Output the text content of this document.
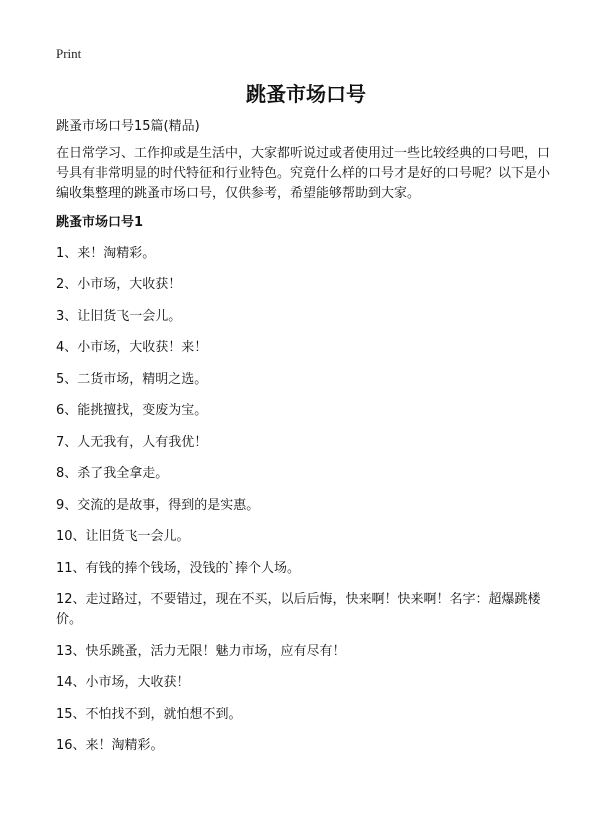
Print
跳蚤市场口号
跳蚤市场口号15篇(精品)
在日常学习、工作抑或是生活中，大家都听说过或者使用过一些比较经典的口号吧，口号具有非常明显的时代特征和行业特色。究竟什么样的口号才是好的口号呢？以下是小编收集整理的跳蚤市场口号，仅供参考，希望能够帮助到大家。
跳蚤市场口号1
1、来！淘精彩。
2、小市场，大收获！
3、让旧货飞一会儿。
4、小市场，大收获！来！
5、二货市场，精明之选。
6、能挑擅找，变废为宝。
7、人无我有，人有我优！
8、杀了我全拿走。
9、交流的是故事，得到的是实惠。
10、让旧货飞一会儿。
11、有钱的捧个钱场，没钱的`捧个人场。
12、走过路过，不要错过，现在不买，以后后悔，快来啊！快来啊！名字：超爆跳楼价。
13、快乐跳蚤，活力无限！魅力市场，应有尽有！
14、小市场，大收获！
15、不怕找不到，就怕想不到。
16、来！淘精彩。
